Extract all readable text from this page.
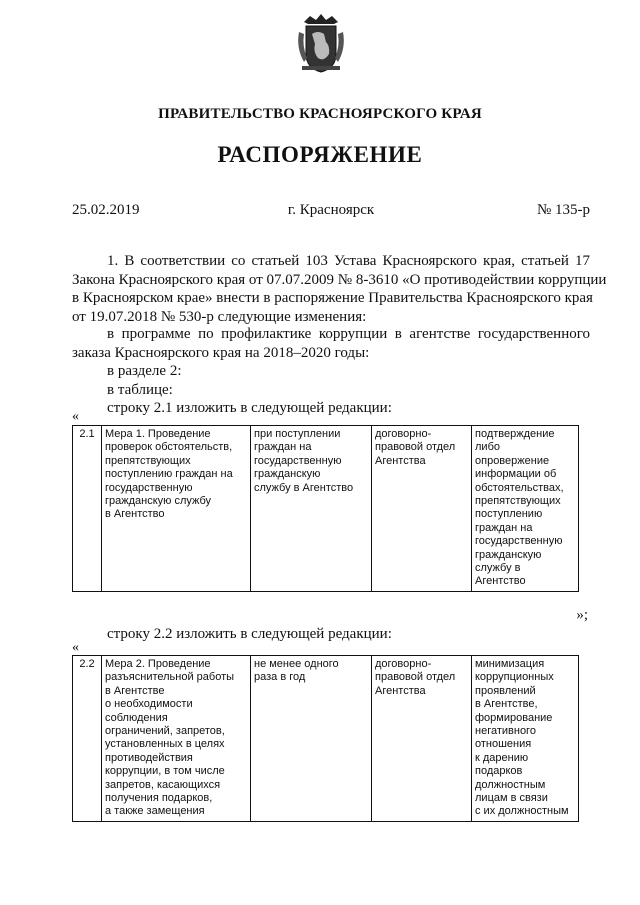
ПРАВИТЕЛЬСТВО КРАСНОЯРСКОГО КРАЯ
РАСПОРЯЖЕНИЕ
г. Красноярск
25.02.2019	№ 135-р
1. В соответствии со статьей 103 Устава Красноярского края, статьей 17
Закона Красноярского края от 07.07.2009 № 8-3610 «О противодействии коррупции
в Красноярском крае» внести в распоряжение Правительства Красноярского края
от 19.07.2018 № 530-р следующие изменения:
в программе по профилактике коррупции в агентстве государственного
заказа Красноярского края на 2018–2020 годы:
в разделе 2:
в таблице:
строку 2.1 изложить в следующей редакции:
«
2.1	Мера 1. Проведение
проверок обстоятельств,
препятствующих
поступлению граждан на
государственную
гражданскую службу
в Агентство	при поступлении
граждан на
государственную
гражданскую
службу в Агентство	договорно-
правовой отдел
Агентства	подтверждение
либо
опровержение
информации об
обстоятельствах,
препятствующих
поступлению
граждан на
государственную
гражданскую
службу в
Агентство
»;
строку 2.2 изложить в следующей редакции:
«
2.2	Мера 2. Проведение
разъяснительной работы
в Агентстве
о необходимости
соблюдения
ограничений, запретов,
установленных в целях
противодействия
коррупции, в том числе
запретов, касающихся
получения подарков,
а также замещения	не менее одного
раза в год	договорно-
правовой отдел
Агентства	минимизация
коррупционных
проявлений
в Агентстве,
формирование
негативного
отношения
к дарению
подарков
должностным
лицам в связи
с их должностным
